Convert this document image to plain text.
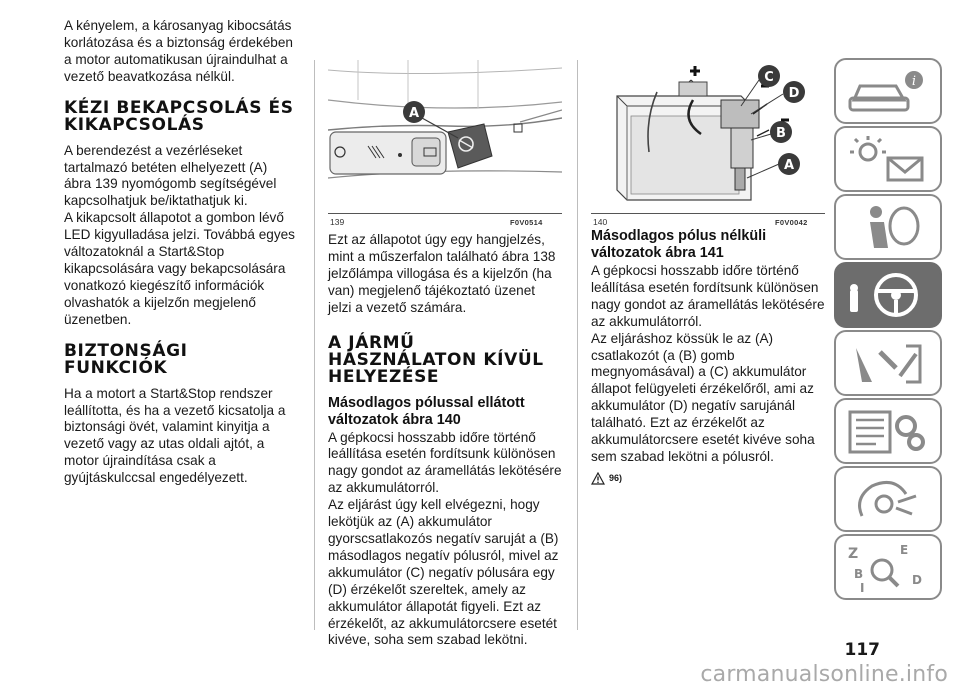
A kényelem, a károsanyag kibocsátás korlátozása és a biztonság érdekében a motor automatikusan újraindulhat a vezető beavatkozása nélkül.

KÉZI BEKAPCSOLÁS ÉS KIKAPCSOLÁS

A berendezést a vezérléseket tartalmazó betéten elhelyezett (A) ábra 139 nyomógomb segítségével kapcsolhatjuk be/iktathatjuk ki.

A kikapcsolt állapotot a gombon lévő LED kigyulladása jelzi. Továbbá egyes változatoknál a Start&Stop kikapcsolására vagy bekapcsolására vonatkozó kiegészítő információk olvashatók a kijelzőn megjelenő üzenetben.

BIZTONSÁGI FUNKCIÓK

Ha a motort a Start&Stop rendszer leállította, és ha a vezető kicsatolja a biztonsági övét, valamint kinyitja a vezető vagy az utas oldali ajtót, a motor újraindítása csak a gyújtáskulccsal engedélyezett.

A
139	F0V0514

Ezt az állapotot úgy egy hangjelzés, mint a műszerfalon található ábra 138 jelzőlámpa villogása és a kijelzőn (ha van) megjelenő tájékoztató üzenet jelzi a vezető számára.

A JÁRMŰ HASZNÁLATON KÍVÜL HELYEZÉSE
Másodlagos pólussal ellátott változatok ábra 140

A gépkocsi hosszabb időre történő leállítása esetén fordítsunk különösen nagy gondot az áramellátás lekötésére az akkumulátorról.

Az eljárást úgy kell elvégezni, hogy lekötjük az (A) akkumulátor gyorscsatlakozós negatív saruját a (B) másodlagos negatív pólusról, mivel az akkumulátor (C) negatív pólusára egy (D) érzékelőt szereltek, amely az akkumulátor állapotát figyeli. Ezt az érzékelőt, az akkumulátorcsere esetét kivéve, soha sem szabad lekötni.

C
D
B
A
140	F0V0042
Másodlagos pólus nélküli változatok ábra 141

A gépkocsi hosszabb időre történő leállítása esetén fordítsunk különösen nagy gondot az áramellátás lekötésére az akkumulátorról.

Az eljáráshoz kössük le az (A) csatlakozót (a (B) gomb megnyomásával) a (C) akkumulátor állapot felügyeleti érzékelőről, ami az akkumulátor (D) negatív sarujánál található. Ezt az érzékelőt az akkumulátorcsere esetét kivéve soha sem szabad lekötni a pólusról.

96)
i
Z	E
B
I
D
117
carmanualsonline.info
